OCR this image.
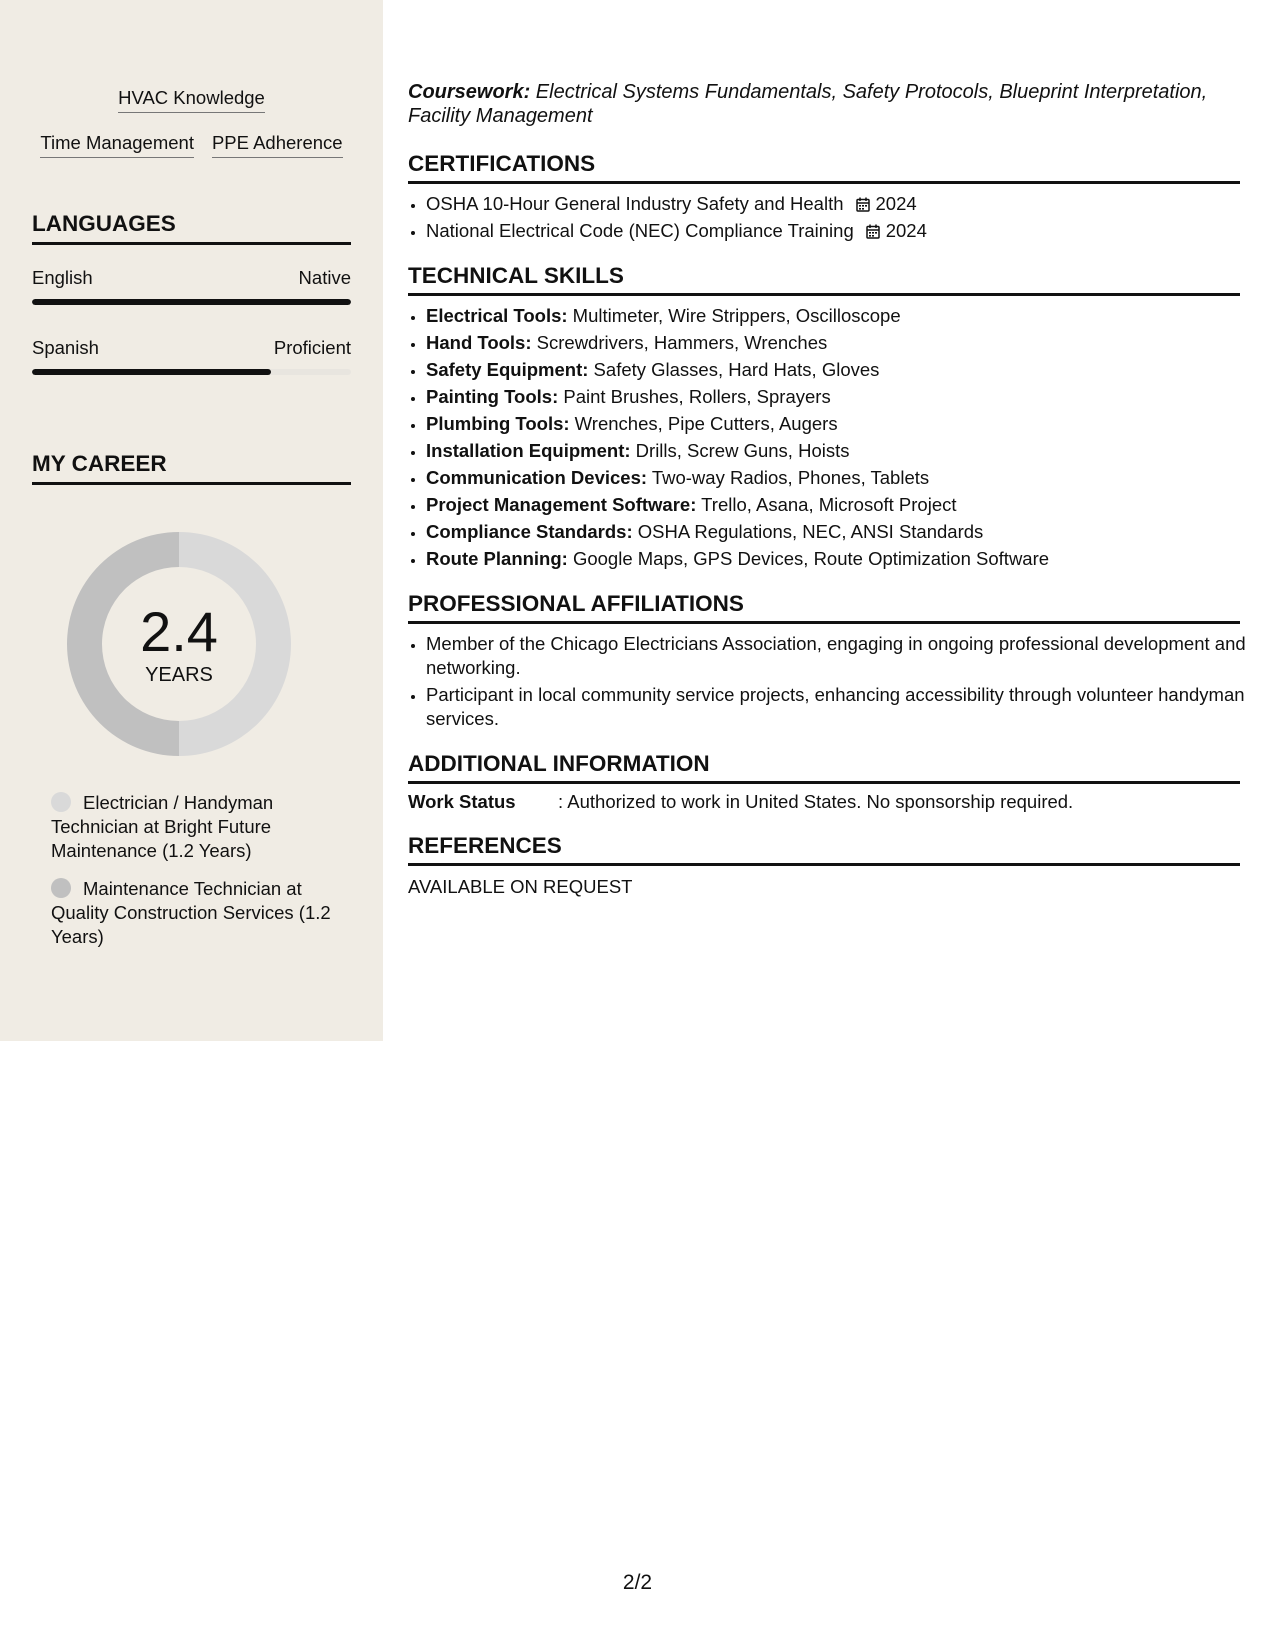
HVAC Knowledge
Time Management PPE Adherence
LANGUAGES
English	Native
Spanish	Proficient
MY CAREER
2.4
YEARS
Electrician / Handyman Technician at Bright Future Maintenance (1.2 Years)
Maintenance Technician at Quality Construction Services (1.2 Years)
Coursework: Electrical Systems Fundamentals, Safety Protocols, Blueprint Interpretation, Facility Management
CERTIFICATIONS
• OSHA 10-Hour General Industry Safety and Health 2024
• National Electrical Code (NEC) Compliance Training 2024
TECHNICAL SKILLS
• Electrical Tools: Multimeter, Wire Strippers, Oscilloscope
• Hand Tools: Screwdrivers, Hammers, Wrenches
• Safety Equipment: Safety Glasses, Hard Hats, Gloves
• Painting Tools: Paint Brushes, Rollers, Sprayers
• Plumbing Tools: Wrenches, Pipe Cutters, Augers
• Installation Equipment: Drills, Screw Guns, Hoists
• Communication Devices: Two-way Radios, Phones, Tablets
• Project Management Software: Trello, Asana, Microsoft Project
• Compliance Standards: OSHA Regulations, NEC, ANSI Standards
• Route Planning: Google Maps, GPS Devices, Route Optimization Software
PROFESSIONAL AFFILIATIONS
• Member of the Chicago Electricians Association, engaging in ongoing professional development and networking.
• Participant in local community service projects, enhancing accessibility through volunteer handyman services.
ADDITIONAL INFORMATION
Work Status	: Authorized to work in United States. No sponsorship required.
REFERENCES
AVAILABLE ON REQUEST
2/2
